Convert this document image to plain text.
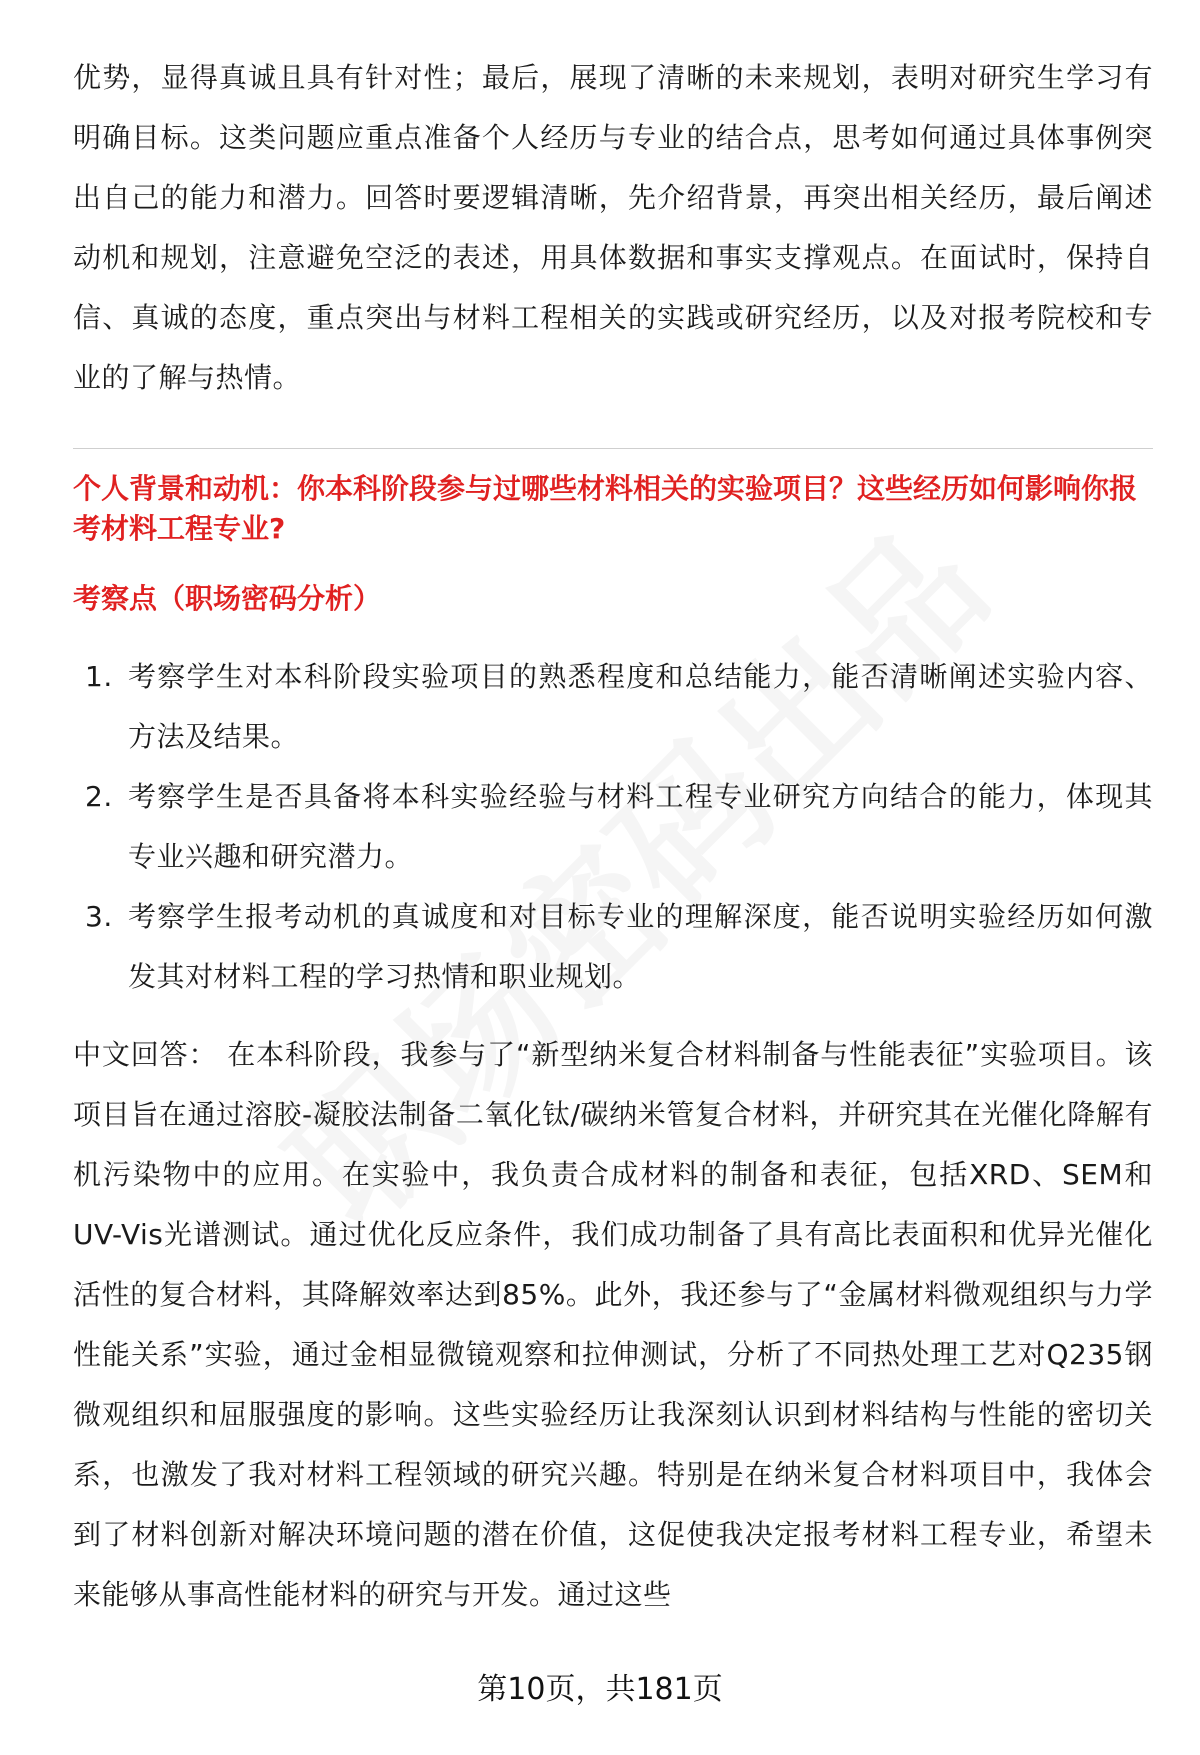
优势，显得真诚且具有针对性；最后，展现了清晰的未来规划，表明对研究生学习有明确目标。这类问题应重点准备个人经历与专业的结合点，思考如何通过具体事例突出自己的能力和潜力。回答时要逻辑清晰，先介绍背景，再突出相关经历，最后阐述动机和规划，注意避免空泛的表述，用具体数据和事实支撑观点。在面试时，保持自信、真诚的态度，重点突出与材料工程相关的实践或研究经历，以及对报考院校和专业的了解与热情。

个人背景和动机：你本科阶段参与过哪些材料相关的实验项目？这些经历如何影响你报考材料工程专业?

考察点（职场密码分析）

1. 考察学生对本科阶段实验项目的熟悉程度和总结能力，能否清晰阐述实验内容、方法及结果。
2. 考察学生是否具备将本科实验经验与材料工程专业研究方向结合的能力，体现其专业兴趣和研究潜力。
3. 考察学生报考动机的真诚度和对目标专业的理解深度，能否说明实验经历如何激发其对材料工程的学习热情和职业规划。

中文回答： 在本科阶段，我参与了“新型纳米复合材料制备与性能表征”实验项目。该项目旨在通过溶胶-凝胶法制备二氧化钛/碳纳米管复合材料，并研究其在光催化降解有机污染物中的应用。在实验中，我负责合成材料的制备和表征，包括XRD、SEM和UV-Vis光谱测试。通过优化反应条件，我们成功制备了具有高比表面积和优异光催化活性的复合材料，其降解效率达到85%。此外，我还参与了“金属材料微观组织与力学性能关系”实验，通过金相显微镜观察和拉伸测试，分析了不同热处理工艺对Q235钢微观组织和屈服强度的影响。这些实验经历让我深刻认识到材料结构与性能的密切关系，也激发了我对材料工程领域的研究兴趣。特别是在纳米复合材料项目中，我体会到了材料创新对解决环境问题的潜在价值，这促使我决定报考材料工程专业，希望未来能够从事高性能材料的研究与开发。通过这些

第10页，共181页
